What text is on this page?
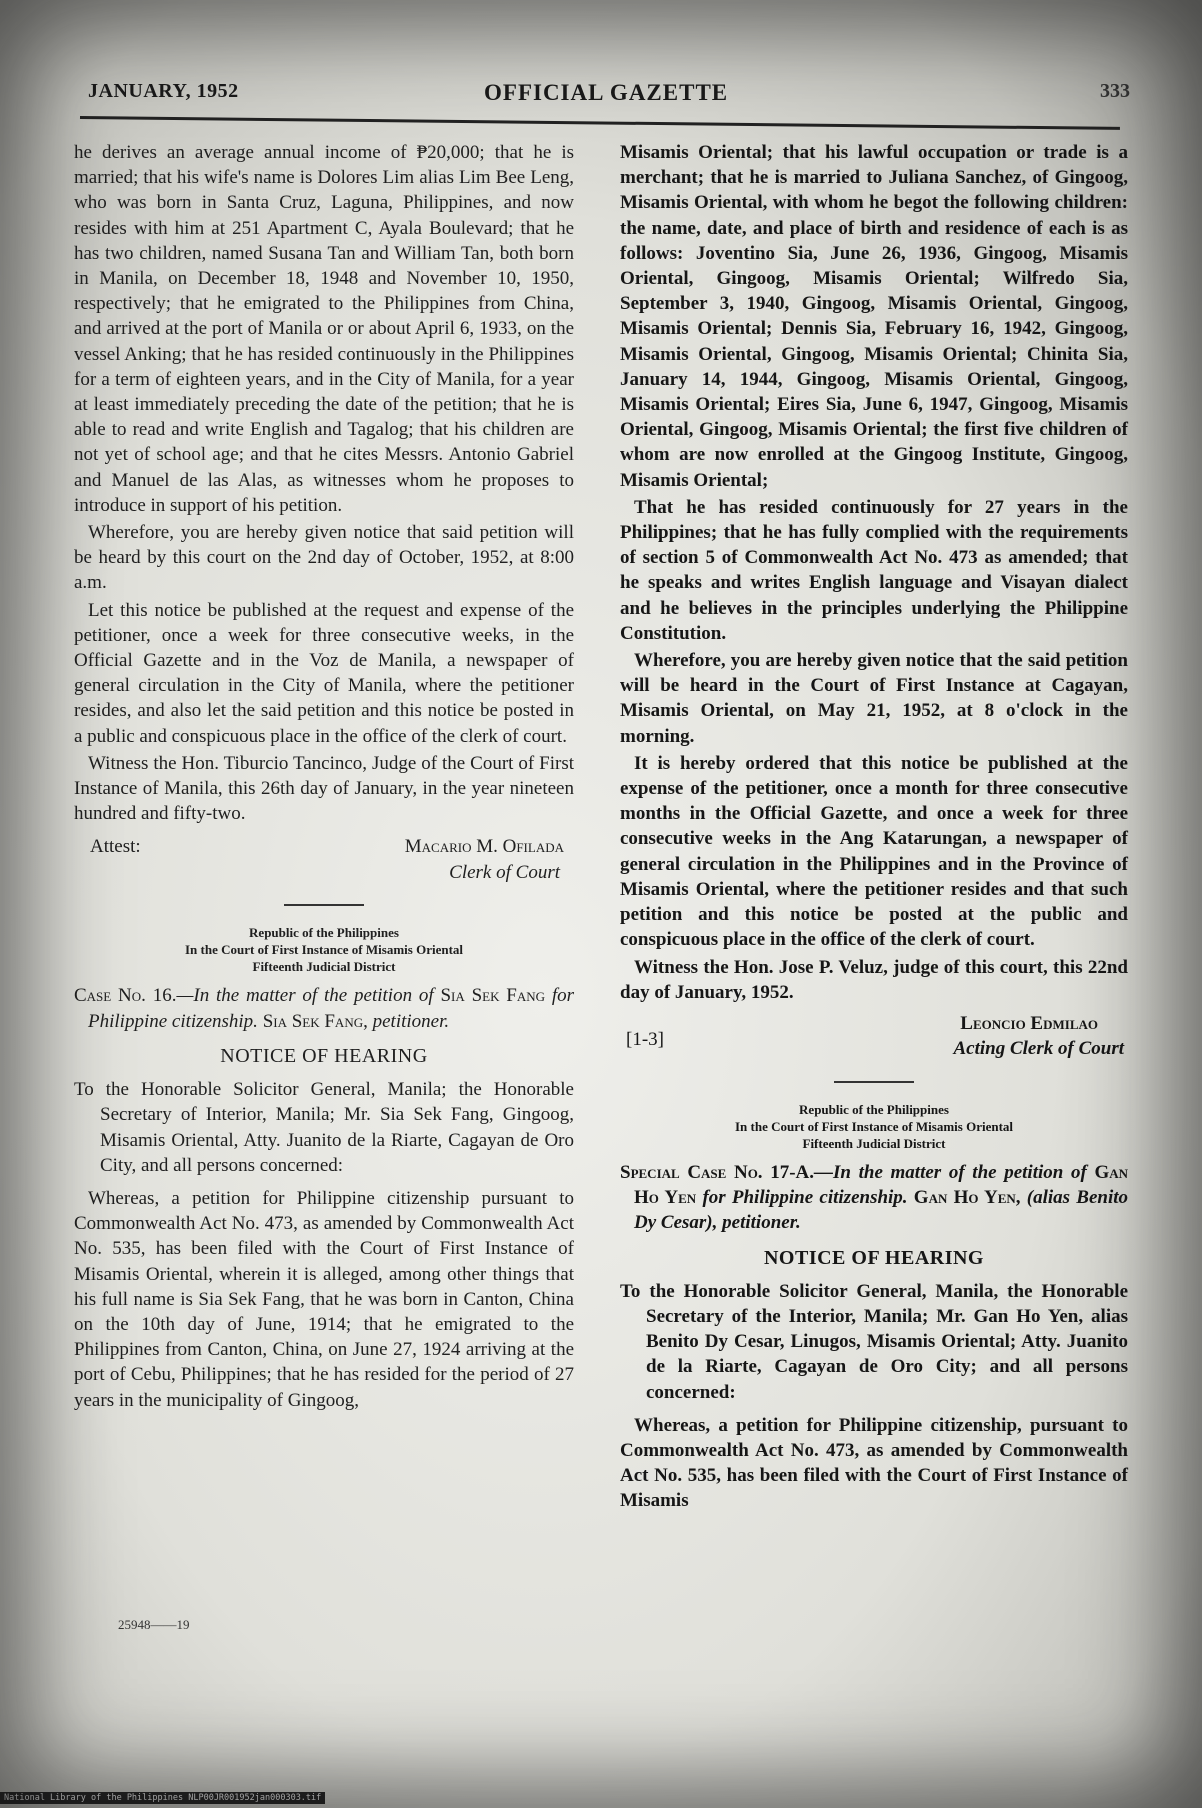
JANUARY, 1952	OFFICIAL GAZETTE	333

he derives an average annual income of ₱20,000; that he is married; that his wife's name is Dolores Lim alias Lim Bee Leng, who was born in Santa Cruz, Laguna, Philippines, and now resides with him at 251 Apartment C, Ayala Boulevard; that he has two children, named Susana Tan and William Tan, both born in Manila, on December 18, 1948 and November 10, 1950, respectively; that he emigrated to the Philippines from China, and arrived at the port of Manila or or about April 6, 1933, on the vessel Anking; that he has resided continuously in the Philippines for a term of eighteen years, and in the City of Manila, for a year at least immediately preceding the date of the petition; that he is able to read and write English and Tagalog; that his children are not yet of school age; and that he cites Messrs. Antonio Gabriel and Manuel de las Alas, as witnesses whom he proposes to introduce in support of his petition.

Wherefore, you are hereby given notice that said petition will be heard by this court on the 2nd day of October, 1952, at 8:00 a.m.

Let this notice be published at the request and expense of the petitioner, once a week for three consecutive weeks, in the Official Gazette and in the Voz de Manila, a newspaper of general circulation in the City of Manila, where the petitioner resides, and also let the said petition and this notice be posted in a public and conspicuous place in the office of the clerk of court.

Witness the Hon. Tiburcio Tancinco, Judge of the Court of First Instance of Manila, this 26th day of January, in the year nineteen hundred and fifty-two.

Attest:	Macario M. Ofilada
Clerk of Court
Republic of the Philippines
In the Court of First Instance of Misamis Oriental
Fifteenth Judicial District

Case No. 16.—In the matter of the petition of Sia Sek Fang for Philippine citizenship. Sia Sek Fang, petitioner.

NOTICE OF HEARING

To the Honorable Solicitor General, Manila; the Honorable Secretary of Interior, Manila; Mr. Sia Sek Fang, Gingoog, Misamis Oriental, Atty. Juanito de la Riarte, Cagayan de Oro City, and all persons concerned:

Whereas, a petition for Philippine citizenship pursuant to Commonwealth Act No. 473, as amended by Commonwealth Act No. 535, has been filed with the Court of First Instance of Misamis Oriental, wherein it is alleged, among other things that his full name is Sia Sek Fang, that he was born in Canton, China on the 10th day of June, 1914; that he emigrated to the Philippines from Canton, China, on June 27, 1924 arriving at the port of Cebu, Philippines; that he has resided for the period of 27 years in the municipality of Gingoog,

25948——19

Misamis Oriental; that his lawful occupation or trade is a merchant; that he is married to Juliana Sanchez, of Gingoog, Misamis Oriental, with whom he begot the following children: the name, date, and place of birth and residence of each is as follows: Joventino Sia, June 26, 1936, Gingoog, Misamis Oriental, Gingoog, Misamis Oriental; Wilfredo Sia, September 3, 1940, Gingoog, Misamis Oriental, Gingoog, Misamis Oriental; Dennis Sia, February 16, 1942, Gingoog, Misamis Oriental, Gingoog, Misamis Oriental; Chinita Sia, January 14, 1944, Gingoog, Misamis Oriental, Gingoog, Misamis Oriental; Eires Sia, June 6, 1947, Gingoog, Misamis Oriental, Gingoog, Misamis Oriental; the first five children of whom are now enrolled at the Gingoog Institute, Gingoog, Misamis Oriental;

That he has resided continuously for 27 years in the Philippines; that he has fully complied with the requirements of section 5 of Commonwealth Act No. 473 as amended; that he speaks and writes English language and Visayan dialect and he believes in the principles underlying the Philippine Constitution.

Wherefore, you are hereby given notice that the said petition will be heard in the Court of First Instance at Cagayan, Misamis Oriental, on May 21, 1952, at 8 o'clock in the morning.

It is hereby ordered that this notice be published at the expense of the petitioner, once a month for three consecutive months in the Official Gazette, and once a week for three consecutive weeks in the Ang Katarungan, a newspaper of general circulation in the Philippines and in the Province of Misamis Oriental, where the petitioner resides and that such petition and this notice be posted at the public and conspicuous place in the office of the clerk of court.

Witness the Hon. Jose P. Veluz, judge of this court, this 22nd day of January, 1952.

[1-3]
Leoncio Edmilao
Acting Clerk of Court
Republic of the Philippines
In the Court of First Instance of Misamis Oriental
Fifteenth Judicial District

Special Case No. 17-A.—In the matter of the petition of Gan Ho Yen for Philippine citizenship. Gan Ho Yen, (alias Benito Dy Cesar), petitioner.

NOTICE OF HEARING

To the Honorable Solicitor General, Manila, the Honorable Secretary of the Interior, Manila; Mr. Gan Ho Yen, alias Benito Dy Cesar, Linugos, Misamis Oriental; Atty. Juanito de la Riarte, Cagayan de Oro City; and all persons concerned:

Whereas, a petition for Philippine citizenship, pursuant to Commonwealth Act No. 473, as amended by Commonwealth Act No. 535, has been filed with the Court of First Instance of Misamis

National Library of the Philippines NLP00JR001952jan000303.tif
